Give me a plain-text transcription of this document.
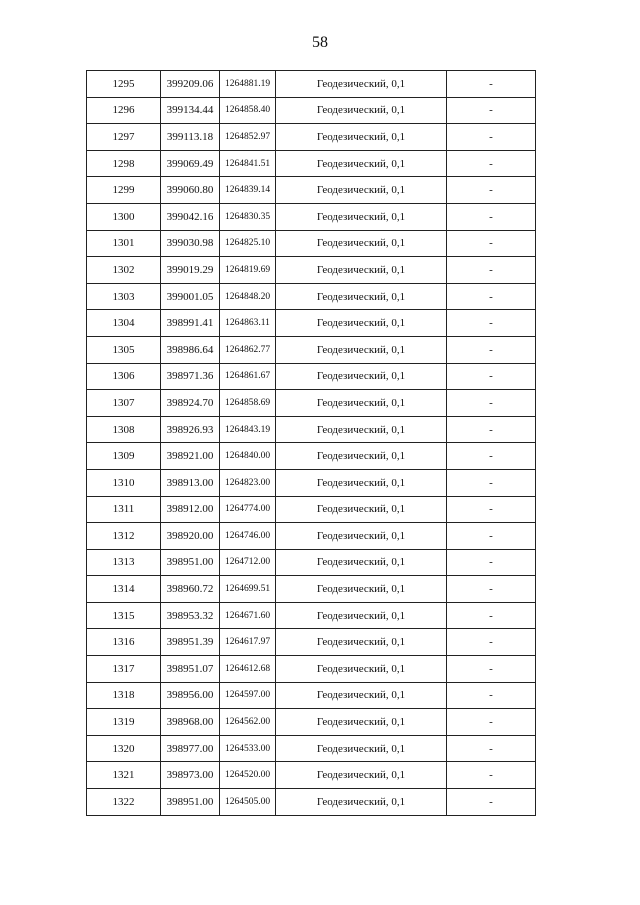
58
1295	399209.06	1264881.19	Геодезический, 0,1	-
1296	399134.44	1264858.40	Геодезический, 0,1	-
1297	399113.18	1264852.97	Геодезический, 0,1	-
1298	399069.49	1264841.51	Геодезический, 0,1	-
1299	399060.80	1264839.14	Геодезический, 0,1	-
1300	399042.16	1264830.35	Геодезический, 0,1	-
1301	399030.98	1264825.10	Геодезический, 0,1	-
1302	399019.29	1264819.69	Геодезический, 0,1	-
1303	399001.05	1264848.20	Геодезический, 0,1	-
1304	398991.41	1264863.11	Геодезический, 0,1	-
1305	398986.64	1264862.77	Геодезический, 0,1	-
1306	398971.36	1264861.67	Геодезический, 0,1	-
1307	398924.70	1264858.69	Геодезический, 0,1	-
1308	398926.93	1264843.19	Геодезический, 0,1	-
1309	398921.00	1264840.00	Геодезический, 0,1	-
1310	398913.00	1264823.00	Геодезический, 0,1	-
1311	398912.00	1264774.00	Геодезический, 0,1	-
1312	398920.00	1264746.00	Геодезический, 0,1	-
1313	398951.00	1264712.00	Геодезический, 0,1	-
1314	398960.72	1264699.51	Геодезический, 0,1	-
1315	398953.32	1264671.60	Геодезический, 0,1	-
1316	398951.39	1264617.97	Геодезический, 0,1	-
1317	398951.07	1264612.68	Геодезический, 0,1	-
1318	398956.00	1264597.00	Геодезический, 0,1	-
1319	398968.00	1264562.00	Геодезический, 0,1	-
1320	398977.00	1264533.00	Геодезический, 0,1	-
1321	398973.00	1264520.00	Геодезический, 0,1	-
1322	398951.00	1264505.00	Геодезический, 0,1	-
